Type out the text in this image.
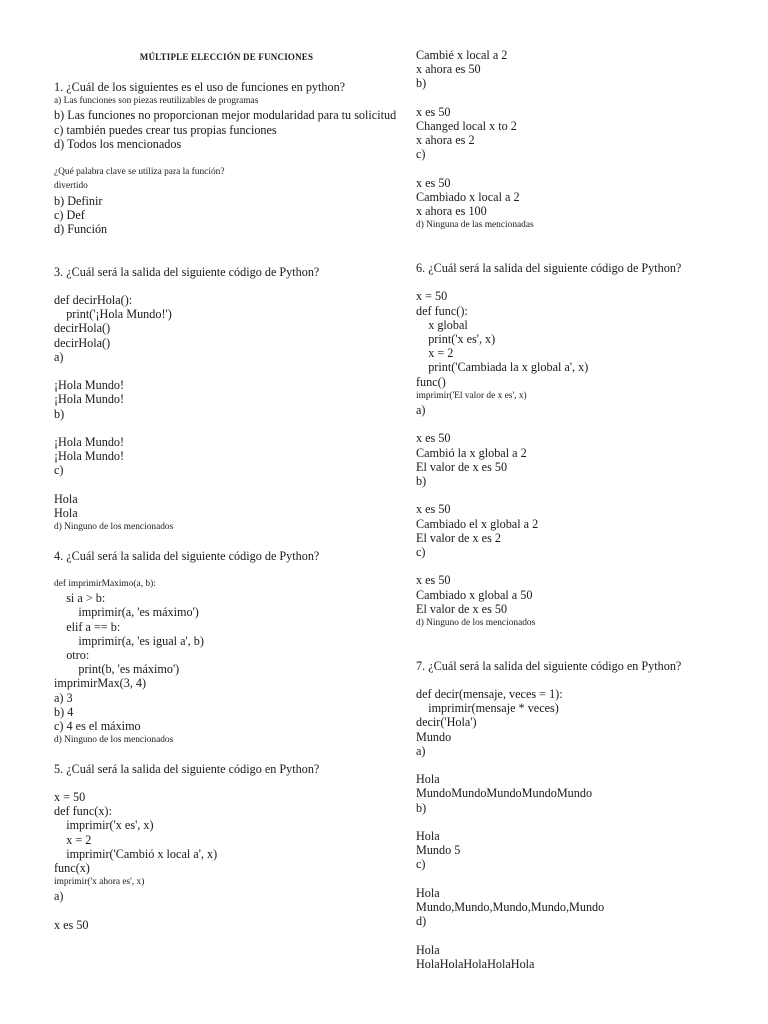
MÚLTIPLE ELECCIÓN DE FUNCIONES
1. ¿Cuál de los siguientes es el uso de funciones en python?
a) Las funciones son piezas reutilizables de programas
b) Las funciones no proporcionan mejor modularidad para tu solicitud
c) también puedes crear tus propias funciones
d) Todos los mencionados
¿Qué palabra clave se utiliza para la función?
divertido
b) Definir
c) Def
d) Función
3. ¿Cuál será la salida del siguiente código de Python?
def decirHola():
print('¡Hola Mundo!')
decirHola()
decirHola()
a)
¡Hola Mundo!
¡Hola Mundo!
b)
¡Hola Mundo!
¡Hola Mundo!
c)
Hola
Hola
d) Ninguno de los mencionados
4. ¿Cuál será la salida del siguiente código de Python?
def imprimirMaximo(a, b):
si a > b:
imprimir(a, 'es máximo')
elif a == b:
imprimir(a, 'es igual a', b)
otro:
print(b, 'es máximo')
imprimirMax(3, 4)
a) 3
b) 4
c) 4 es el máximo
d) Ninguno de los mencionados
5. ¿Cuál será la salida del siguiente código en Python?
x = 50
def func(x):
imprimir('x es', x)
x = 2
imprimir('Cambió x local a', x)
func(x)
imprimir('x ahora es', x)
a)
x es 50
Cambié x local a 2
x ahora es 50
b)
x es 50
Changed local x to 2
x ahora es 2
c)
x es 50
Cambiado x local a 2
x ahora es 100
d) Ninguna de las mencionadas
6. ¿Cuál será la salida del siguiente código de Python?
x = 50
def func():
x global
print('x es', x)
x = 2
print('Cambiada la x global a', x)
func()
imprimir('El valor de x es', x)
a)
x es 50
Cambió la x global a 2
El valor de x es 50
b)
x es 50
Cambiado el x global a 2
El valor de x es 2
c)
x es 50
Cambiado x global a 50
El valor de x es 50
d) Ninguno de los mencionados
7. ¿Cuál será la salida del siguiente código en Python?
def decir(mensaje, veces = 1):
imprimir(mensaje * veces)
decir('Hola')
Mundo
a)
Hola
MundoMundoMundoMundoMundo
b)
Hola
Mundo 5
c)
Hola
Mundo,Mundo,Mundo,Mundo,Mundo
d)
Hola
HolaHolaHolaHolaHola
